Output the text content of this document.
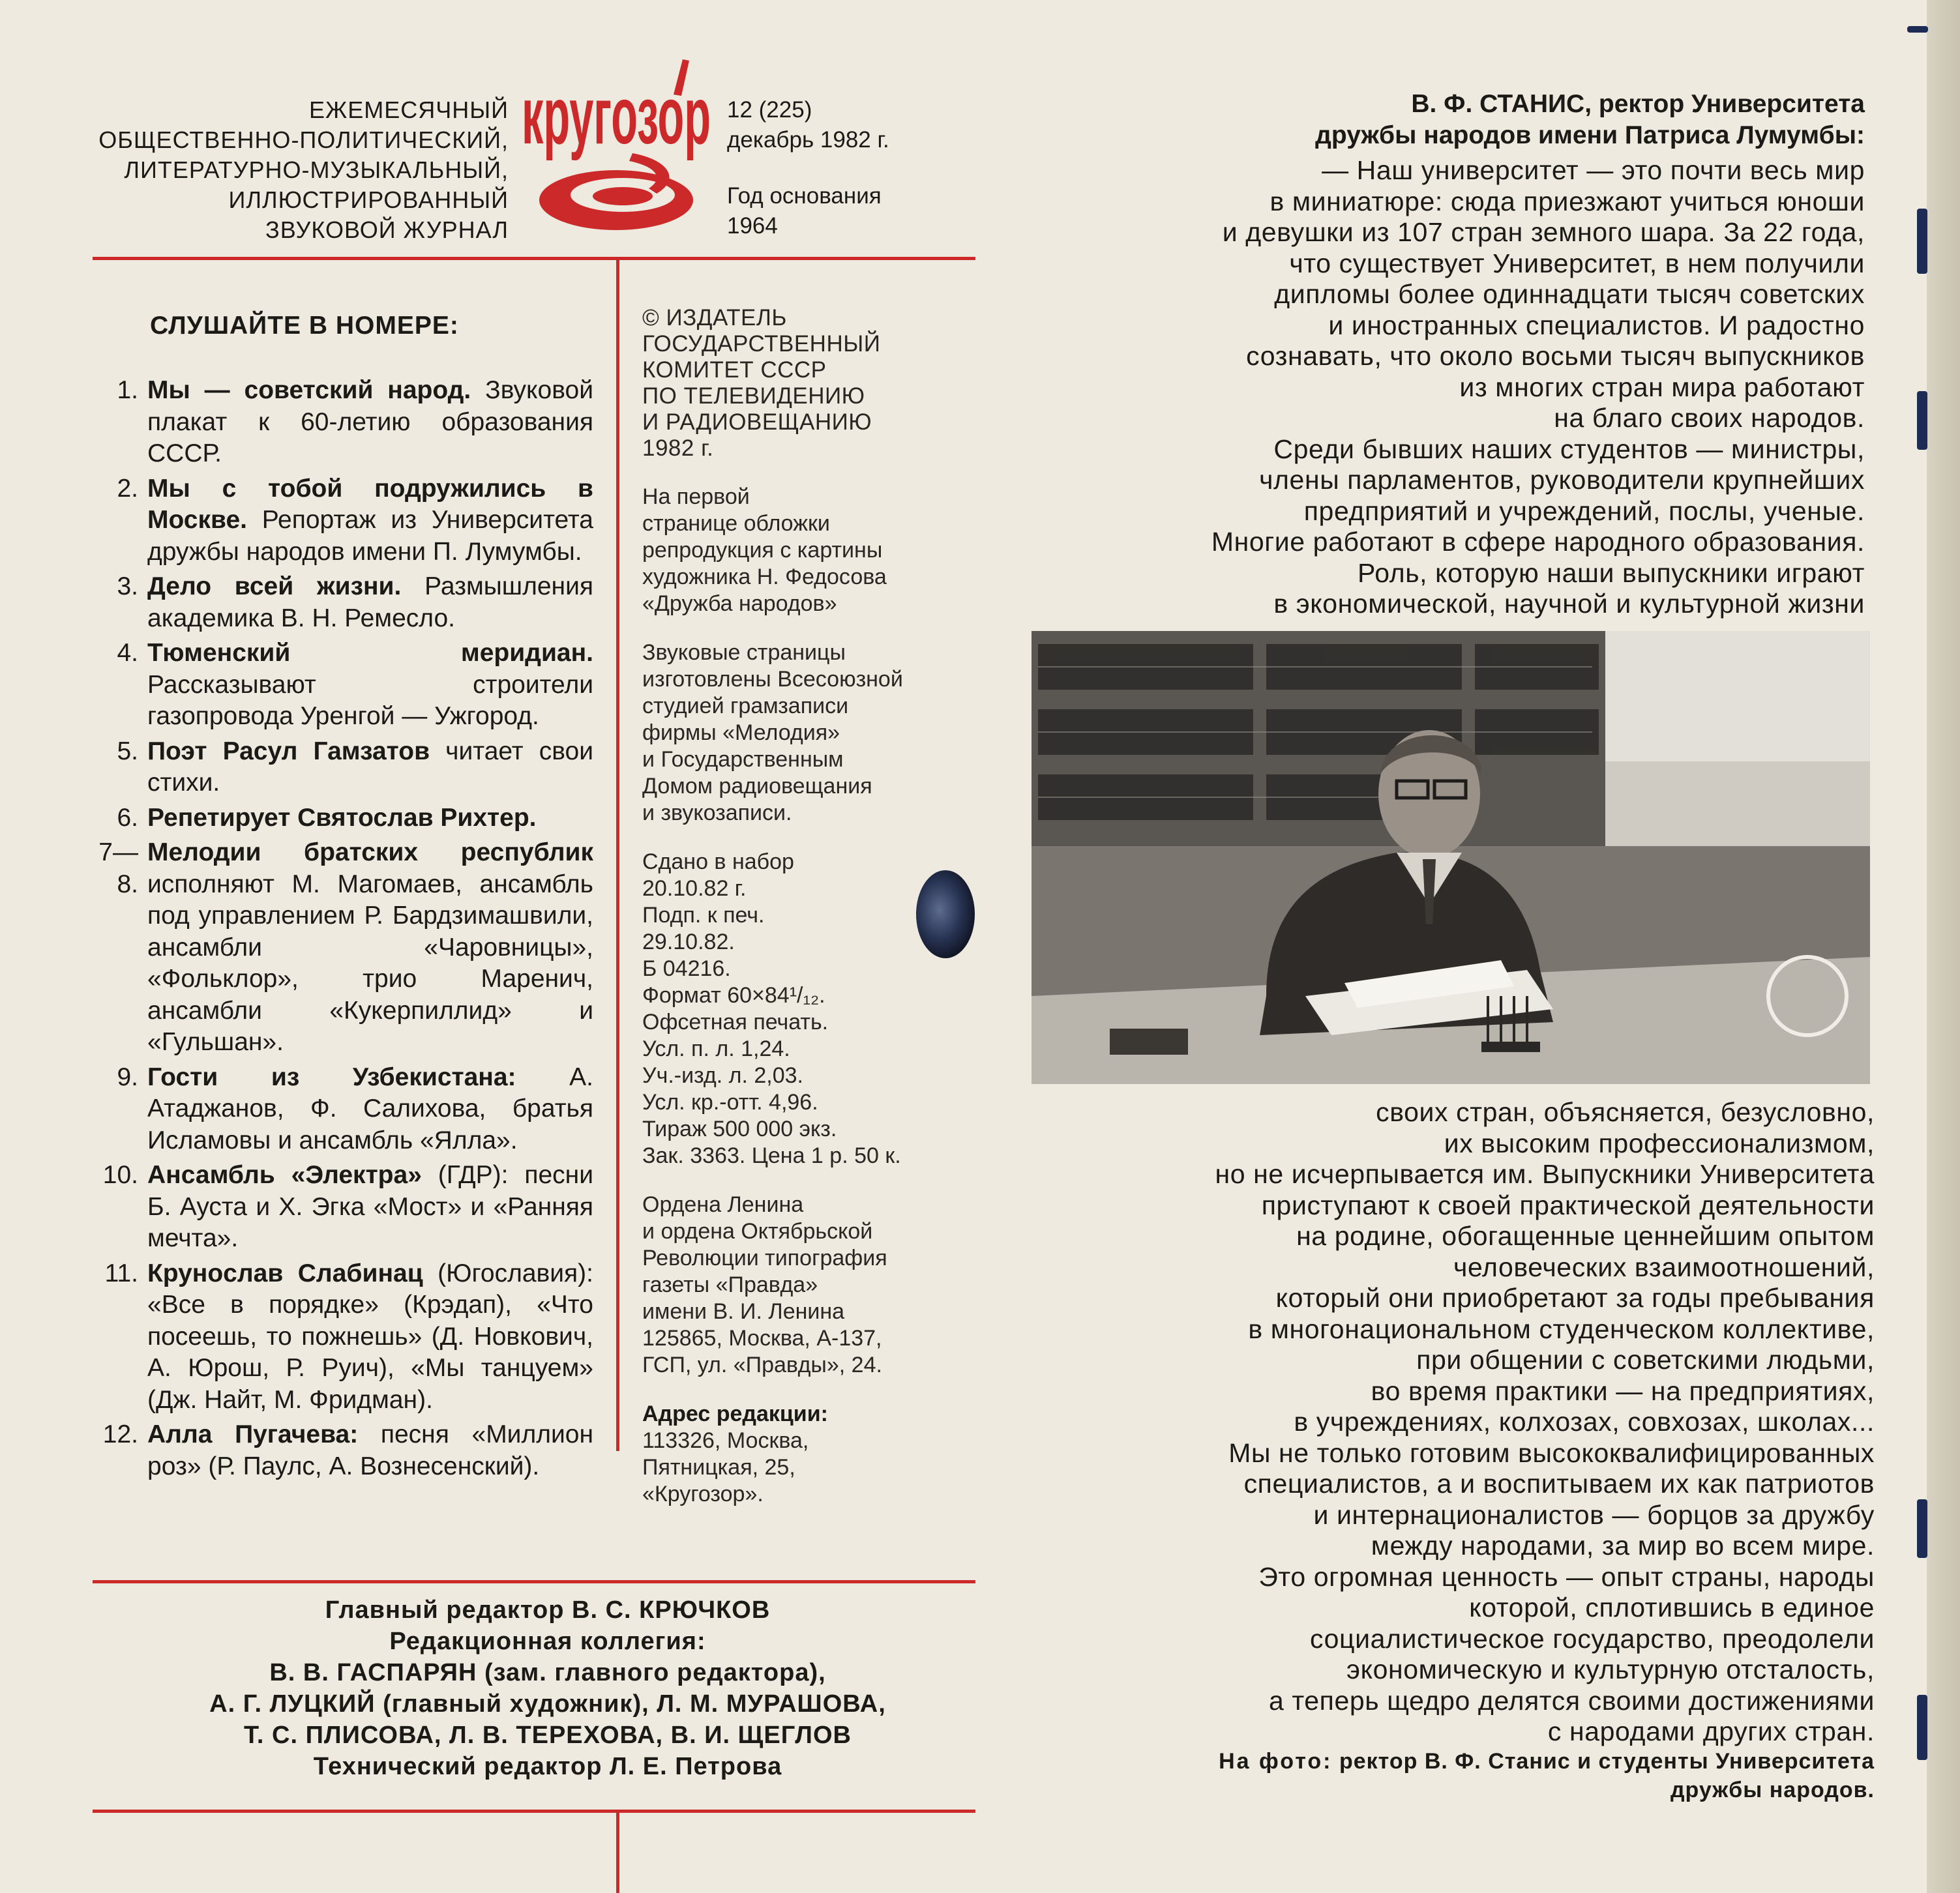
ЕЖЕМЕСЯЧНЫЙ
ОБЩЕСТВЕННО-ПОЛИТИЧЕСКИЙ,
ЛИТЕРАТУРНО-МУЗЫКАЛЬНЫЙ,
ИЛЛЮСТРИРОВАННЫЙ
ЗВУКОВОЙ ЖУРНАЛ
кругозор 12 (225)
декабрь 1982 г.
Год основания
1964
СЛУШАЙТЕ В НОМЕРЕ:
1. Мы — советский народ. Звуковой плакат к 60-летию образования СССР.
2. Мы с тобой подружились в Москве. Репортаж из Университета дружбы народов имени П. Лумумбы.
3. Дело всей жизни. Размышления академика В. Н. Ремесло.
4. Тюменский меридиан. Рассказывают строители газопровода Уренгой — Ужгород.
5. Поэт Расул Гамзатов читает свои стихи.
6. Репетирует Святослав Рихтер.
7—8.
Мелодии братских республик исполняют М. Магомаев, ансамбль под управлением Р. Бардзимашвили, ансамбли «Чаровницы», «Фольклор», трио Маренич, ансамбли «Кукерпиллид» и «Гульшан».
9. Гости из Узбекистана: А. Атаджанов, Ф. Салихова, братья Исламовы и ансамбль «Ялла».
10. Ансамбль «Электра» (ГДР): песни Б. Ауста и Х. Эгка «Мост» и «Ранняя мечта».
11. Круноcлав Слабинац (Югославия): «Все в порядке» (Крэдап), «Что посеешь, то пожнешь» (Д. Новкович, А. Юрош, Р. Руич), «Мы танцуем» (Дж. Найт, М. Фридман).
12. Алла Пугачева: песня «Миллион роз» (Р. Паулс, А. Вознесенский).
© ИЗДАТЕЛЬ
ГОСУДАРСТВЕННЫЙ
КОМИТЕТ СССР
ПО ТЕЛЕВИДЕНИЮ
И РАДИОВЕЩАНИЮ
1982 г.
На первой
странице обложки
репродукция с картины
художника Н. Федосова
«Дружба народов»
Звуковые страницы
изготовлены Всесоюзной
студией грамзаписи
фирмы «Мелодия»
и Государственным
Домом радиовещания
и звукозаписи.
Сдано в набор
20.10.82 г.
Подп. к печ.
29.10.82.
Б 04216.
Формат 60×84¹/₁₂.
Офсетная печать.
Усл. п. л. 1,24.
Уч.-изд. л. 2,03.
Усл. кр.-отт. 4,96.
Тираж 500 000 экз.
Зак. 3363. Цена 1 р. 50 к.
Ордена Ленина
и ордена Октябрьской
Революции типография
газеты «Правда»
имени В. И. Ленина
125865, Москва, А-137,
ГСП, ул. «Правды», 24.
Адрес редакции:
113326, Москва,
Пятницкая, 25,
«Кругозор».
Главный редактор В. С. КРЮЧКОВ
Редакционная коллегия:
В. В. ГАСПАРЯН (зам. главного редактора),
А. Г. ЛУЦКИЙ (главный художник), Л. М. МУРАШОВА,
Т. С. ПЛИСОВА, Л. В. ТЕРЕХОВА, В. И. ЩЕГЛОВ
Технический редактор Л. Е. Петрова
В. Ф. СТАНИС, ректор Университета
дружбы народов имени Патриса Лумумбы:
— Наш университет — это почти весь мир
в миниатюре: сюда приезжают учиться юноши
и девушки из 107 стран земного шара. За 22 года,
что существует Университет, в нем получили
дипломы более одиннадцати тысяч советских
и иностранных специалистов. И радостно
сознавать, что около восьми тысяч выпускников
из многих стран мира работают
на благо своих народов.
Среди бывших наших студентов — министры,
члены парламентов, руководители крупнейших
предприятий и учреждений, послы, ученые.
Многие работают в сфере народного образования.
Роль, которую наши выпускники играют
в экономической, научной и культурной жизни
своих стран, объясняется, безусловно,
их высоким профессионализмом,
но не исчерпывается им. Выпускники Университета
приступают к своей практической деятельности
на родине, обогащенные ценнейшим опытом
человеческих взаимоотношений,
который они приобретают за годы пребывания
в многонациональном студенческом коллективе,
при общении с советскими людьми,
во время практики — на предприятиях,
в учреждениях, колхозах, совхозах, школах...
Мы не только готовим высококвалифицированных
специалистов, а и воспитываем их как патриотов
и интернационалистов — борцов за дружбу
между народами, за мир во всем мире.
Это огромная ценность — опыт страны, народы
которой, сплотившись в единое
социалистическое государство, преодолели
экономическую и культурную отсталость,
а теперь щедро делятся своими достижениями
с народами других стран.
На фото: ректор В. Ф. Станис и студенты Университета
дружбы народов.
